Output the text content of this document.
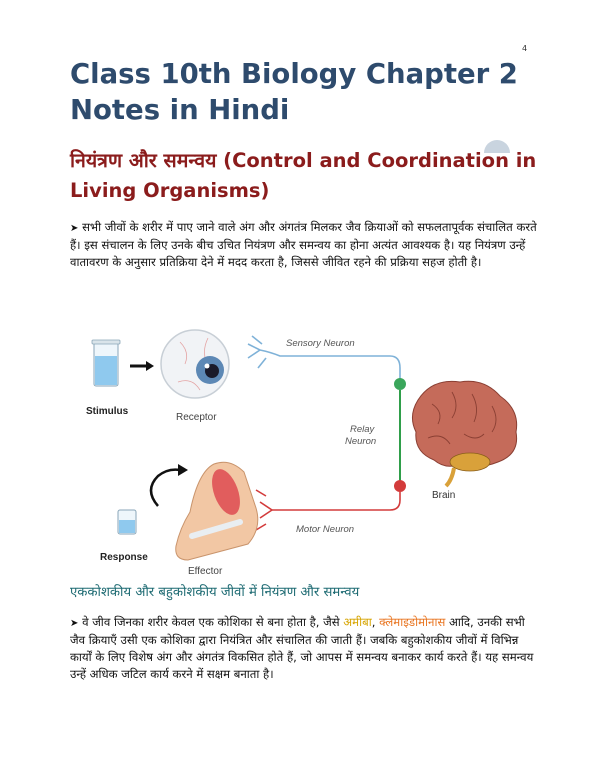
4
Class 10th Biology Chapter 2 Notes in Hindi
नियंत्रण और समन्वय (Control and Coordination in Living Organisms)

➤ सभी जीवों के शरीर में पाए जाने वाले अंग और अंगतंत्र मिलकर जैव क्रियाओं को सफलतापूर्वक संचालित करते हैं। इस संचालन के लिए उनके बीच उचित नियंत्रण और समन्वय का होना अत्यंत आवश्यक है। यह नियंत्रण उन्हें वातावरण के अनुसार प्रतिक्रिया देने में मदद करता है, जिससे जीवित रहने की प्रक्रिया सहज होती है।

Stimulus
Receptor
Sensory Neuron
Relay
Neuron
Brain
Motor Neuron
Response
Effector
एककोशकीय और बहुकोशकीय जीवों में नियंत्रण और समन्वय

➤ वे जीव जिनका शरीर केवल एक कोशिका से बना होता है, जैसे अमीबा, क्लेमाइडोमोनास आदि, उनकी सभी जैव क्रियाएँ उसी एक कोशिका द्वारा नियंत्रित और संचालित की जाती हैं। जबकि बहुकोशकीय जीवों में विभिन्न कार्यों के लिए विशेष अंग और अंगतंत्र विकसित होते हैं, जो आपस में समन्वय बनाकर कार्य करते हैं। यह समन्वय उन्हें अधिक जटिल कार्य करने में सक्षम बनाता है।
